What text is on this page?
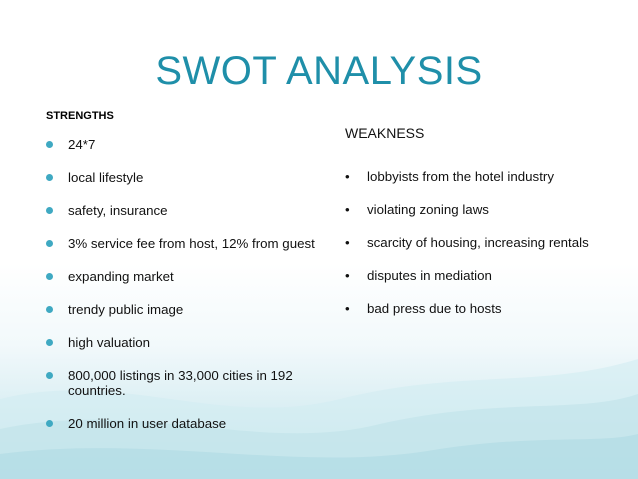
SWOT ANALYSIS
STRENGTHS
24*7
local lifestyle
safety, insurance
3% service fee from host, 12% from guest
expanding market
trendy public image
high valuation
800,000 listings in 33,000 cities in 192 countries.
20 million in user database
WEAKNESS
• lobbyists from the hotel industry
• violating zoning laws
• scarcity of housing, increasing rentals
• disputes in mediation
• bad press due to hosts
